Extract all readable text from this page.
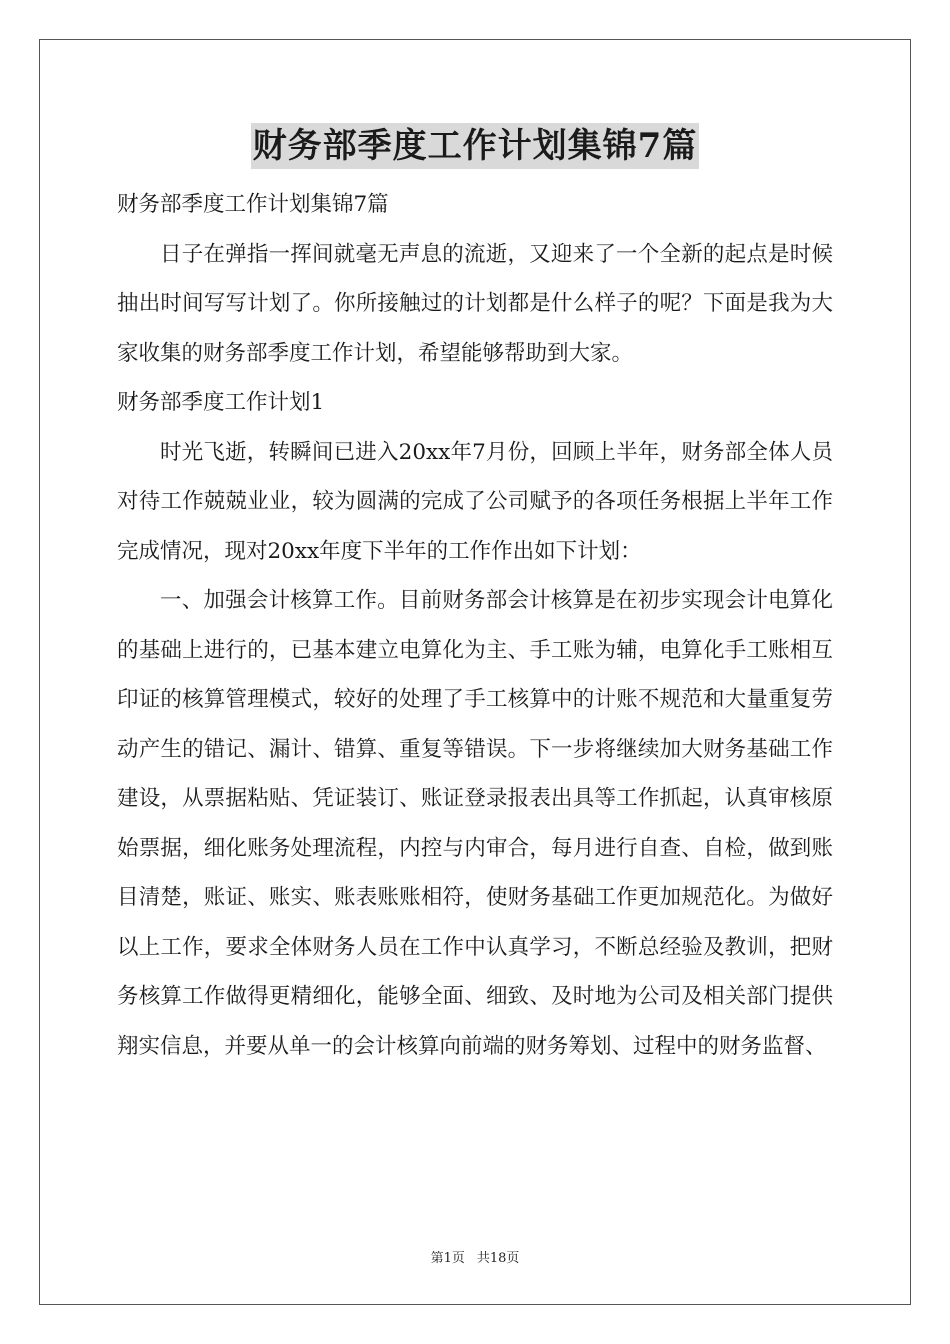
财务部季度工作计划集锦7篇

财务部季度工作计划集锦7篇

日子在弹指一挥间就毫无声息的流逝，又迎来了一个全新的起点是时候抽出时间写写计划了。你所接触过的计划都是什么样子的呢？下面是我为大家收集的财务部季度工作计划，希望能够帮助到大家。

财务部季度工作计划1

时光飞逝，转瞬间已进入20xx年7月份，回顾上半年，财务部全体人员对待工作兢兢业业，较为圆满的完成了公司赋予的各项任务根据上半年工作完成情况，现对20xx年度下半年的工作作出如下计划：

一、加强会计核算工作。目前财务部会计核算是在初步实现会计电算化的基础上进行的，已基本建立电算化为主、手工账为辅，电算化手工账相互印证的核算管理模式，较好的处理了手工核算中的计账不规范和大量重复劳动产生的错记、漏计、错算、重复等错误。下一步将继续加大财务基础工作建设，从票据粘贴、凭证装订、账证登录报表出具等工作抓起，认真审核原始票据，细化账务处理流程，内控与内审合，每月进行自查、自检，做到账目清楚，账证、账实、账表账账相符，使财务基础工作更加规范化。为做好以上工作，要求全体财务人员在工作中认真学习，不断总经验及教训，把财务核算工作做得更精细化，能够全面、细致、及时地为公司及相关部门提供翔实信息，并要从单一的会计核算向前端的财务筹划、过程中的财务监督、

第1页 共18页
